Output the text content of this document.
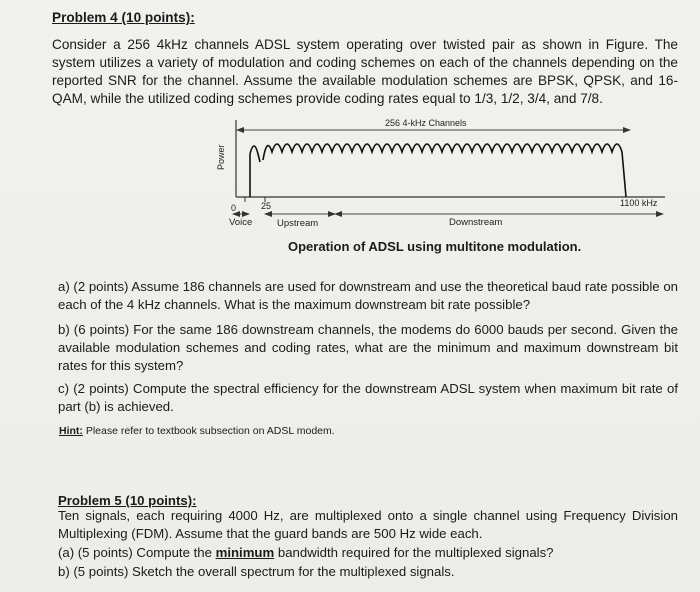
Problem 4 (10 points):

Consider a 256 4kHz channels ADSL system operating over twisted pair as shown in Figure. The system utilizes a variety of modulation and coding schemes on each of the channels depending on the reported SNR for the channel. Assume the available modulation schemes are BPSK, QPSK, and 16-QAM, while the utilized coding schemes provide coding rates equal to 1/3, 1/2, 3/4, and 7/8.

256 4-kHz Channels
Power
0	25	1100 kHz
Voice	Upstream	Downstream
Operation of ADSL using multitone modulation.

a) (2 points) Assume 186 channels are used for downstream and use the theoretical baud rate possible on each of the 4 kHz channels. What is the maximum downstream bit rate possible?

b) (6 points) For the same 186 downstream channels, the modems do 6000 bauds per second. Given the available modulation schemes and coding rates, what are the minimum and maximum downstream bit rates for this system?

c) (2 points) Compute the spectral efficiency for the downstream ADSL system when maximum bit rate of part (b) is achieved.

Hint: Please refer to textbook subsection on ADSL modem.

Problem 5 (10 points):

Ten signals, each requiring 4000 Hz, are multiplexed onto a single channel using Frequency Division Multiplexing (FDM). Assume that the guard bands are 500 Hz wide each.

(a) (5 points) Compute the minimum bandwidth required for the multiplexed signals?

b) (5 points) Sketch the overall spectrum for the multiplexed signals.
